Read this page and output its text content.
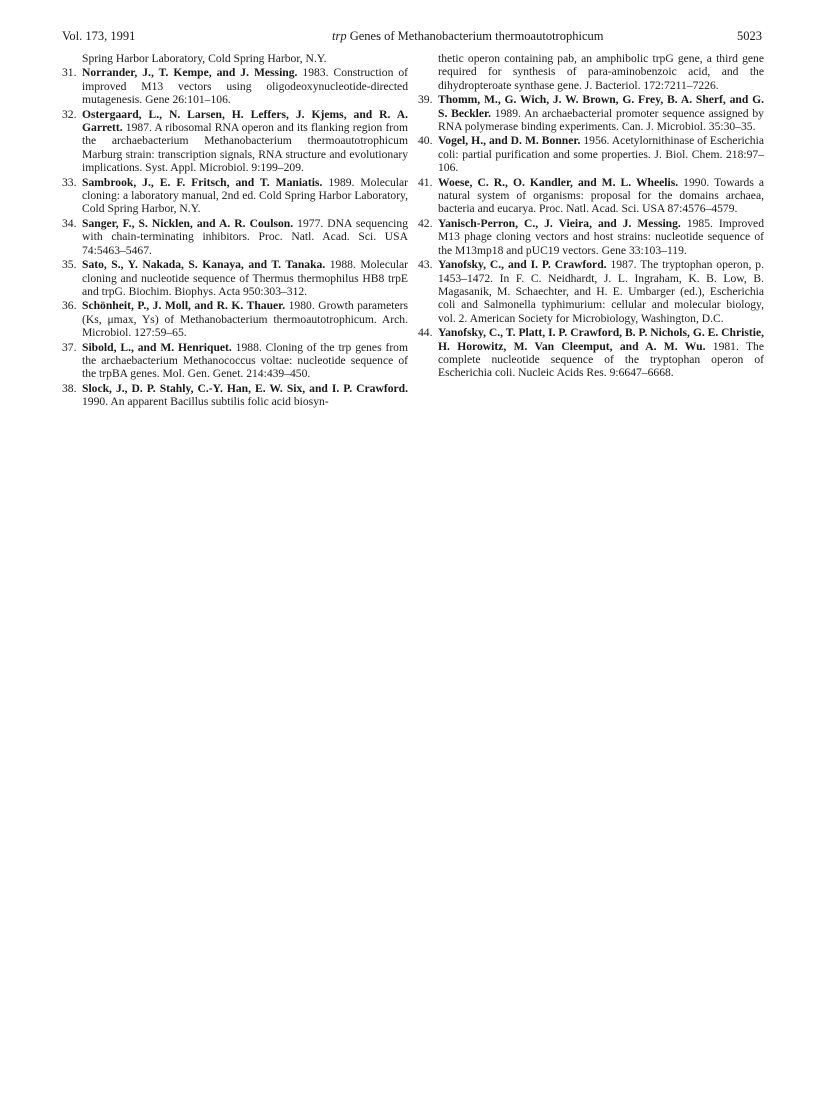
Vol. 173, 1991	trp Genes of Methanobacterium thermoautotrophicum	5023
Spring Harbor Laboratory, Cold Spring Harbor, N.Y.
31. Norrander, J., T. Kempe, and J. Messing. 1983. Construction of improved M13 vectors using oligodeoxynucleotide-directed mutagenesis. Gene 26:101–106.
32. Ostergaard, L., N. Larsen, H. Leffers, J. Kjems, and R. A. Garrett. 1987. A ribosomal RNA operon and its flanking region from the archaebacterium Methanobacterium thermoautotrophicum Marburg strain: transcription signals, RNA structure and evolutionary implications. Syst. Appl. Microbiol. 9:199–209.
33. Sambrook, J., E. F. Fritsch, and T. Maniatis. 1989. Molecular cloning: a laboratory manual, 2nd ed. Cold Spring Harbor Laboratory, Cold Spring Harbor, N.Y.
34. Sanger, F., S. Nicklen, and A. R. Coulson. 1977. DNA sequencing with chain-terminating inhibitors. Proc. Natl. Acad. Sci. USA 74:5463–5467.
35. Sato, S., Y. Nakada, S. Kanaya, and T. Tanaka. 1988. Molecular cloning and nucleotide sequence of Thermus thermophilus HB8 trpE and trpG. Biochim. Biophys. Acta 950:303–312.
36. Schönheit, P., J. Moll, and R. K. Thauer. 1980. Growth parameters (Ks, μmax, Ys) of Methanobacterium thermoautotrophicum. Arch. Microbiol. 127:59–65.
37. Sibold, L., and M. Henriquet. 1988. Cloning of the trp genes from the archaebacterium Methanococcus voltae: nucleotide sequence of the trpBA genes. Mol. Gen. Genet. 214:439–450.
38. Slock, J., D. P. Stahly, C.-Y. Han, E. W. Six, and I. P. Crawford. 1990. An apparent Bacillus subtilis folic acid biosyn-
thetic operon containing pab, an amphibolic trpG gene, a third gene required for synthesis of para-aminobenzoic acid, and the dihydropteroate synthase gene. J. Bacteriol. 172:7211–7226.
39. Thomm, M., G. Wich, J. W. Brown, G. Frey, B. A. Sherf, and G. S. Beckler. 1989. An archaebacterial promoter sequence assigned by RNA polymerase binding experiments. Can. J. Microbiol. 35:30–35.
40. Vogel, H., and D. M. Bonner. 1956. Acetylornithinase of Escherichia coli: partial purification and some properties. J. Biol. Chem. 218:97–106.
41. Woese, C. R., O. Kandler, and M. L. Wheelis. 1990. Towards a natural system of organisms: proposal for the domains archaea, bacteria and eucarya. Proc. Natl. Acad. Sci. USA 87:4576–4579.
42. Yanisch-Perron, C., J. Vieira, and J. Messing. 1985. Improved M13 phage cloning vectors and host strains: nucleotide sequence of the M13mp18 and pUC19 vectors. Gene 33:103–119.
43. Yanofsky, C., and I. P. Crawford. 1987. The tryptophan operon, p. 1453–1472. In F. C. Neidhardt, J. L. Ingraham, K. B. Low, B. Magasanik, M. Schaechter, and H. E. Umbarger (ed.), Escherichia coli and Salmonella typhimurium: cellular and molecular biology, vol. 2. American Society for Microbiology, Washington, D.C.
44. Yanofsky, C., T. Platt, I. P. Crawford, B. P. Nichols, G. E. Christie, H. Horowitz, M. Van Cleemput, and A. M. Wu. 1981. The complete nucleotide sequence of the tryptophan operon of Escherichia coli. Nucleic Acids Res. 9:6647–6668.
